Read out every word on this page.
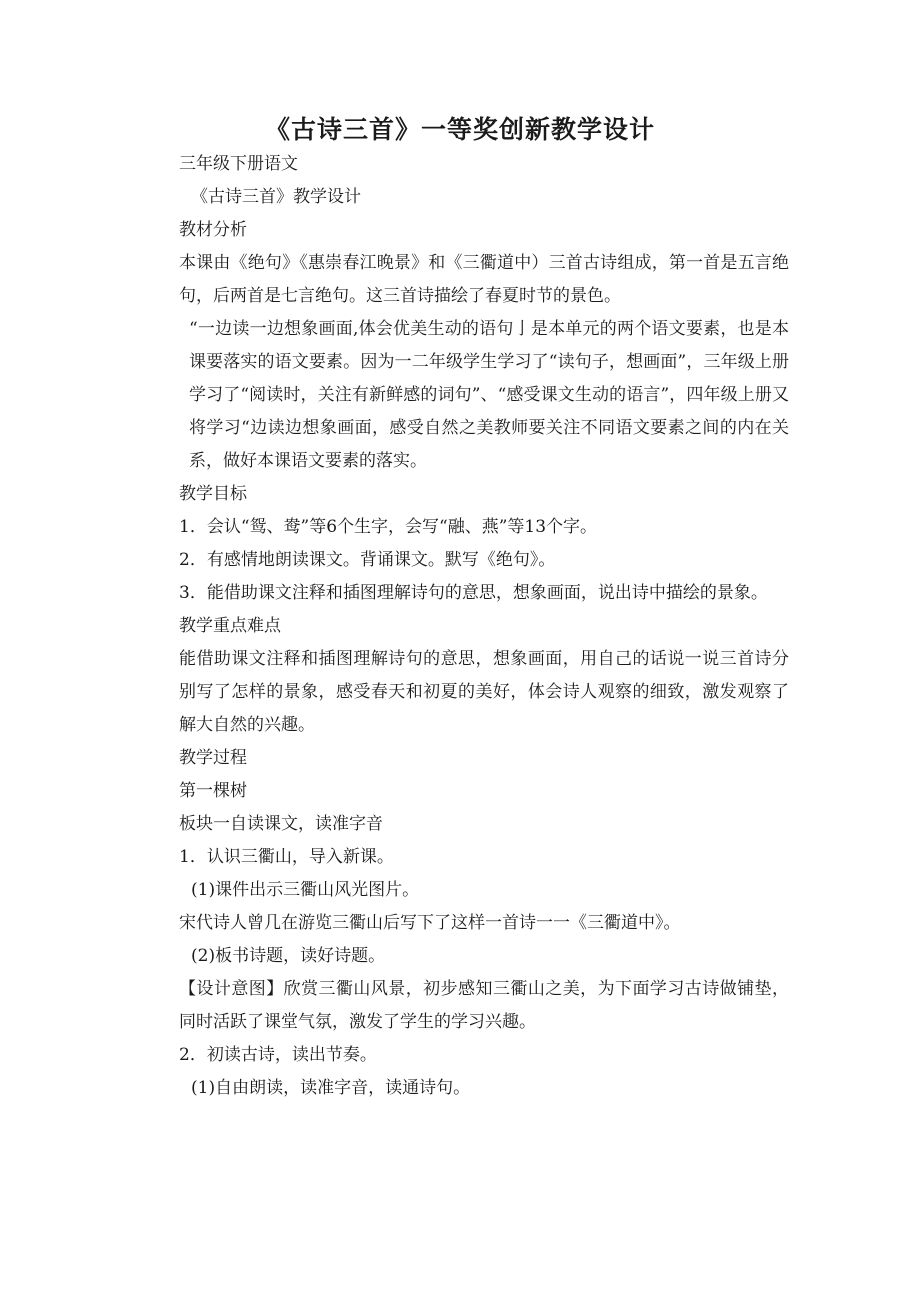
《古诗三首》一等奖创新教学设计

三年级下册语文

《古诗三首》教学设计

教材分析

本课由《绝句》《惠崇春江晚景》和《三衢道中）三首古诗组成，第一首是五言绝句，后两首是七言绝句。这三首诗描绘了春夏时节的景色。

“一边读一边想象画面,体会优美生动的语句亅是本单元的两个语文要素，也是本课要落实的语文要素。因为一二年级学生学习了“读句子，想画面”，三年级上册学习了“阅读时，关注有新鲜感的词句”、“感受课文生动的语言”，四年级上册又将学习“边读边想象画面，感受自然之美教师要关注不同语文要素之间的内在关系，做好本课语文要素的落实。

教学目标

1．会认“鸳、鸯”等6个生字，会写“融、燕”等13个字。

2．有感情地朗读课文。背诵课文。默写《绝句》。

3．能借助课文注释和插图理解诗句的意思，想象画面，说出诗中描绘的景象。

教学重点难点

能借助课文注释和插图理解诗句的意思，想象画面，用自己的话说一说三首诗分别写了怎样的景象，感受春天和初夏的美好，体会诗人观察的细致，激发观察了解大自然的兴趣。

教学过程

第一棵树

板块一自读课文，读准字音

1．认识三衢山，导入新课。

(1)课件出示三衢山风光图片。

宋代诗人曾几在游览三衢山后写下了这样一首诗一一《三衢道中》。

(2)板书诗题，读好诗题。

【设计意图】欣赏三衢山风景，初步感知三衢山之美，为下面学习古诗做铺垫，同时活跃了课堂气氛，激发了学生的学习兴趣。

2．初读古诗，读出节奏。

(1)自由朗读，读准字音，读通诗句。
